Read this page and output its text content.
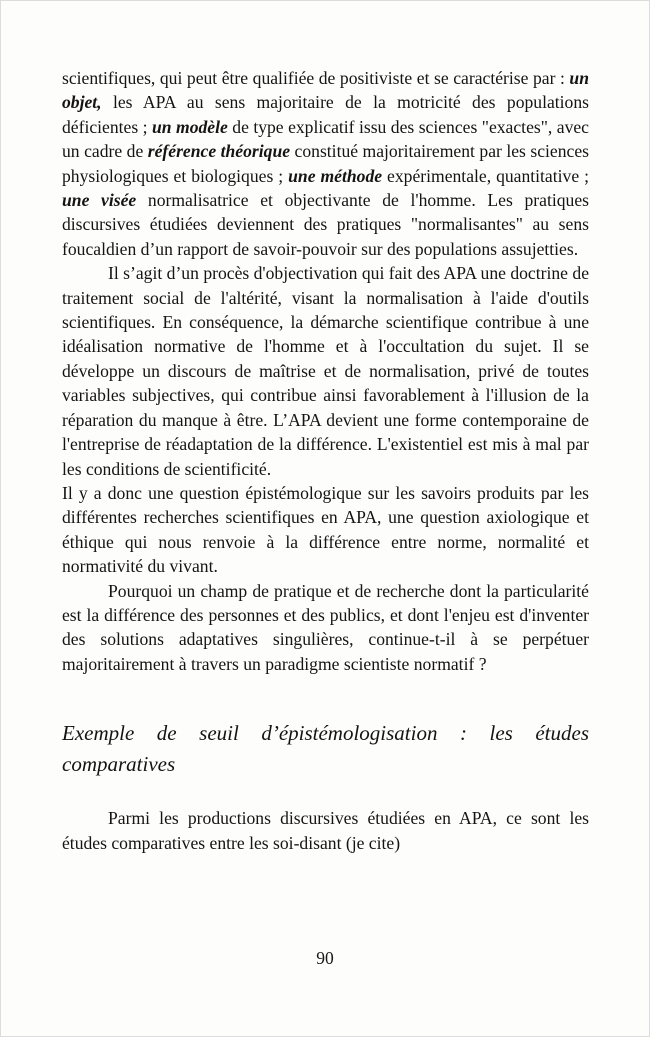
scientifiques, qui peut être qualifiée de positiviste et se caractérise par : un objet, les APA au sens majoritaire de la motricité des populations déficientes ; un modèle de type explicatif issu des sciences "exactes", avec un cadre de référence théorique constitué majoritairement par les sciences physiologiques et biologiques ; une méthode expérimentale, quantitative ; une visée normalisatrice et objectivante de l'homme. Les pratiques discursives étudiées deviennent des pratiques "normalisantes" au sens foucaldien d’un rapport de savoir-pouvoir sur des populations assujetties.

Il s’agit d’un procès d'objectivation qui fait des APA une doctrine de traitement social de l'altérité, visant la normalisation à l'aide d'outils scientifiques. En conséquence, la démarche scientifique contribue à une idéalisation normative de l'homme et à l'occultation du sujet. Il se développe un discours de maîtrise et de normalisation, privé de toutes variables subjectives, qui contribue ainsi favorablement à l'illusion de la réparation du manque à être. L’APA devient une forme contemporaine de l'entreprise de réadaptation de la différence. L'existentiel est mis à mal par les conditions de scientificité.

Il y a donc une question épistémologique sur les savoirs produits par les différentes recherches scientifiques en APA, une question axiologique et éthique qui nous renvoie à la différence entre norme, normalité et normativité du vivant.

Pourquoi un champ de pratique et de recherche dont la particularité est la différence des personnes et des publics, et dont l'enjeu est d'inventer des solutions adaptatives singulières, continue-t-il à se perpétuer majoritairement à travers un paradigme scientiste normatif ?

Exemple de seuil d’épistémologisation : les études comparatives

Parmi les productions discursives étudiées en APA, ce sont les études comparatives entre les soi-disant (je cite)

90
